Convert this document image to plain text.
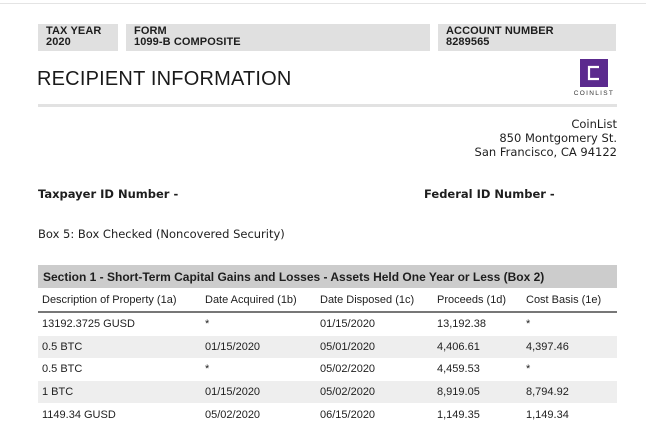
TAX YEAR
2020
FORM
1099-B COMPOSITE
ACCOUNT NUMBER
8289565
RECIPIENT INFORMATION
COINLIST
CoinList
850 Montgomery St.
San Francisco, CA 94122
Taxpayer ID Number -	Federal ID Number -
Box 5: Box Checked (Noncovered Security)
Section 1 - Short-Term Capital Gains and Losses - Assets Held One Year or Less (Box 2)
Description of Property (1a)	Date Acquired (1b)	Date Disposed (1c)	Proceeds (1d)	Cost Basis (1e)
13192.3725 GUSD	*	01/15/2020	13,192.38	*
0.5 BTC	01/15/2020	05/01/2020	4,406.61	4,397.46
0.5 BTC	*	05/02/2020	4,459.53	*
1 BTC	01/15/2020	05/02/2020	8,919.05	8,794.92
1149.34 GUSD	05/02/2020	06/15/2020	1,149.35	1,149.34
